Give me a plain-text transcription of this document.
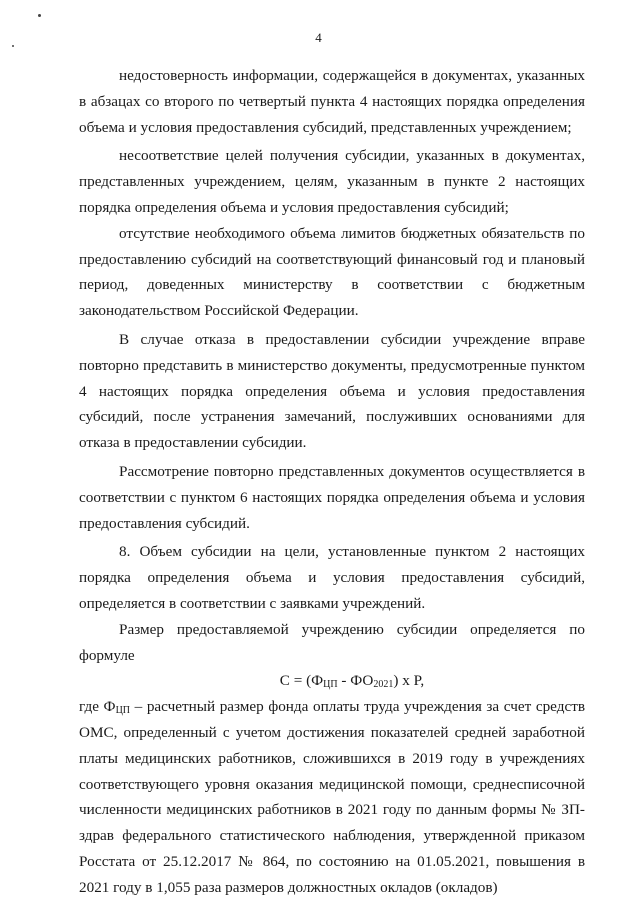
4

недостоверность информации, содержащейся в документах, указанных в абзацах со второго по четвертый пункта 4 настоящих порядка определения объема и условия предоставления субсидий, представленных учреждением;

несоответствие целей получения субсидии, указанных в документах, представленных учреждением, целям, указанным в пункте 2 настоящих порядка определения объема и условия предоставления субсидий;

отсутствие необходимого объема лимитов бюджетных обязательств по предоставлению субсидий на соответствующий финансовый год и плановый период, доведенных министерству в соответствии с бюджетным законодательством Российской Федерации.

В случае отказа в предоставлении субсидии учреждение вправе повторно представить в министерство документы, предусмотренные пунктом 4 настоящих порядка определения объема и условия предоставления субсидий, после устранения замечаний, послуживших основаниями для отказа в предоставлении субсидии.

Рассмотрение повторно представленных документов осуществляется в соответствии с пунктом 6 настоящих порядка определения объема и условия предоставления субсидий.

8. Объем субсидии на цели, установленные пунктом 2 настоящих порядка определения объема и условия предоставления субсидий, определяется в соответствии с заявками учреждений.

Размер предоставляемой учреждению субсидии определяется по формуле

$C = (Ф_{ЦП} - ФО_{2021})$ х P,

где $Ф_{ЦП}$ – расчетный размер фонда оплаты труда учреждения за счет средств ОМС, определенный с учетом достижения показателей средней заработной платы медицинских работников, сложившихся в 2019 году в учреждениях соответствующего уровня оказания медицинской помощи, среднесписочной численности медицинских работников в 2021 году по данным формы № ЗП-здрав федерального статистического наблюдения, утвержденной приказом Росстата от 25.12.2017 № 864, по состоянию на 01.05.2021, повышения в 2021 году в 1,055 раза размеров должностных окладов (окладов)
